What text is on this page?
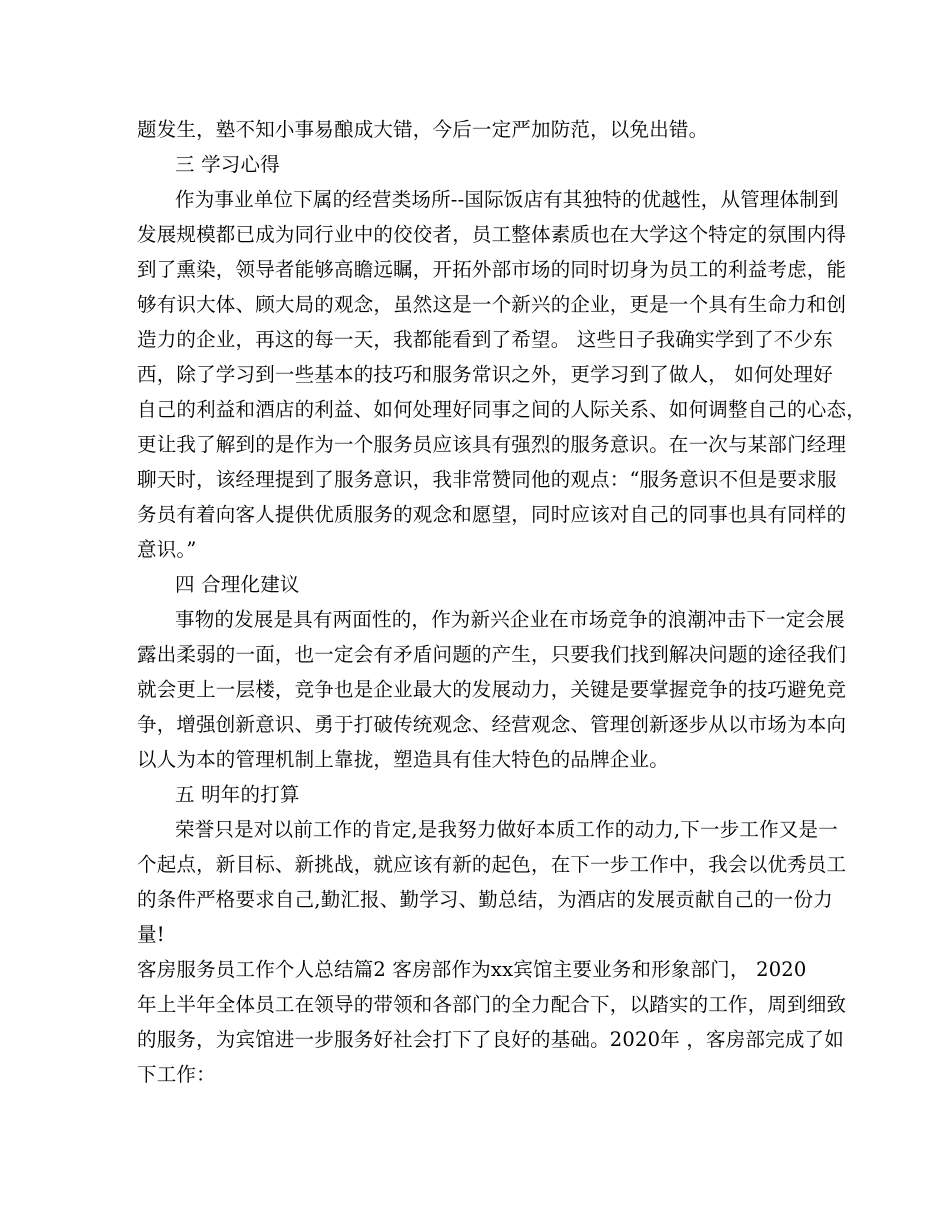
题发生，塾不知小事易酿成大错，今后一定严加防范，以免出错。
三 学习心得
作为事业单位下属的经营类场所--国际饭店有其独特的优越性，从管理体制到
发展规模都已成为同行业中的佼佼者，员工整体素质也在大学这个特定的氛围内得
到了熏染，领导者能够高瞻远瞩，开拓外部市场的同时切身为员工的利益考虑，能
够有识大体、顾大局的观念，虽然这是一个新兴的企业，更是一个具有生命力和创
造力的企业，再这的每一天，我都能看到了希望。 这些日子我确实学到了不少东
西，除了学习到一些基本的技巧和服务常识之外，更学习到了做人， 如何处理好
自己的利益和酒店的利益、如何处理好同事之间的人际关系、如何调整自己的心态，
更让我了解到的是作为一个服务员应该具有强烈的服务意识。在一次与某部门经理
聊天时，该经理提到了服务意识，我非常赞同他的观点：“服务意识不但是要求服
务员有着向客人提供优质服务的观念和愿望，同时应该对自己的同事也具有同样的
意识。”
四 合理化建议
事物的发展是具有两面性的，作为新兴企业在市场竞争的浪潮冲击下一定会展
露出柔弱的一面，也一定会有矛盾问题的产生，只要我们找到解决问题的途径我们
就会更上一层楼，竞争也是企业最大的发展动力，关键是要掌握竞争的技巧避免竞
争，增强创新意识、勇于打破传统观念、经营观念、管理创新逐步从以市场为本向
以人为本的管理机制上靠拢，塑造具有佳大特色的品牌企业。
五 明年的打算
荣誉只是对以前工作的肯定,是我努力做好本质工作的动力,下一步工作又是一
个起点，新目标、新挑战，就应该有新的起色，在下一步工作中，我会以优秀员工
的条件严格要求自己,勤汇报、勤学习、勤总结，为酒店的发展贡献自己的一份力
量!
客房服务员工作个人总结篇2 客房部作为xx宾馆主要业务和形象部门， 2020
年上半年全体员工在领导的带领和各部门的全力配合下，以踏实的工作，周到细致
的服务，为宾馆进一步服务好社会打下了良好的基础。2020年 ，客房部完成了如
下工作：
